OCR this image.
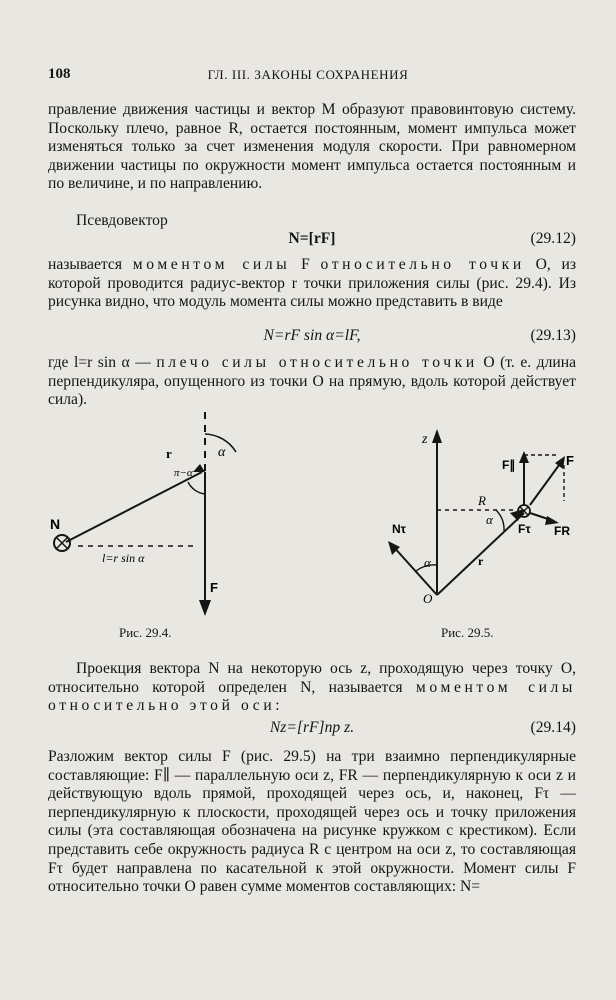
108	ГЛ. III. ЗАКОНЫ СОХРАНЕНИЯ

правление движения частицы и вектор M образуют правовинтовую систему. Поскольку плечо, равное R, остается постоянным, момент импульса может изменяться только за счет изменения модуля скорости. При равномерном движении частицы по окружности момент импульса остается постоянным и по величине, и по направлению.

Псевдовектор

N=[rF]	(29.12)

называется моментом силы F относительно точки O, из которой проводится радиус-вектор r точки приложения силы (рис. 29.4). Из рисунка видно, что модуль момента силы можно представить в виде

N=rF sin α=lF,	(29.13)

где l=r sin α — плечо силы относительно точки O (т. е. длина перпендикуляра, опущенного из точки O на прямую, вдоль которой действует сила).

N
r	α
π−α
l=r sin α
F
Рис. 29.4.
z
F∥	F
R
α
Fτ FR
Nτ
α	r
O
Рис. 29.5.

Проекция вектора N на некоторую ось z, проходящую через точку O, относительно которой определен N, называется моментом силы относительно этой оси:

Nz=[rF]пр z.	(29.14)

Разложим вектор силы F (рис. 29.5) на три взаимно перпендикулярные составляющие: F∥ — параллельную оси z, FR — перпендикулярную к оси z и действующую вдоль прямой, проходящей через ось, и, наконец, Fτ — перпендикулярную к плоскости, проходящей через ось и точку приложения силы (эта составляющая обозначена на рисунке кружком с крестиком). Если представить себе окружность радиуса R с центром на оси z, то составляющая Fτ будет направлена по касательной к этой окружности. Момент силы F относительно точки O равен сумме моментов составляющих: N=
